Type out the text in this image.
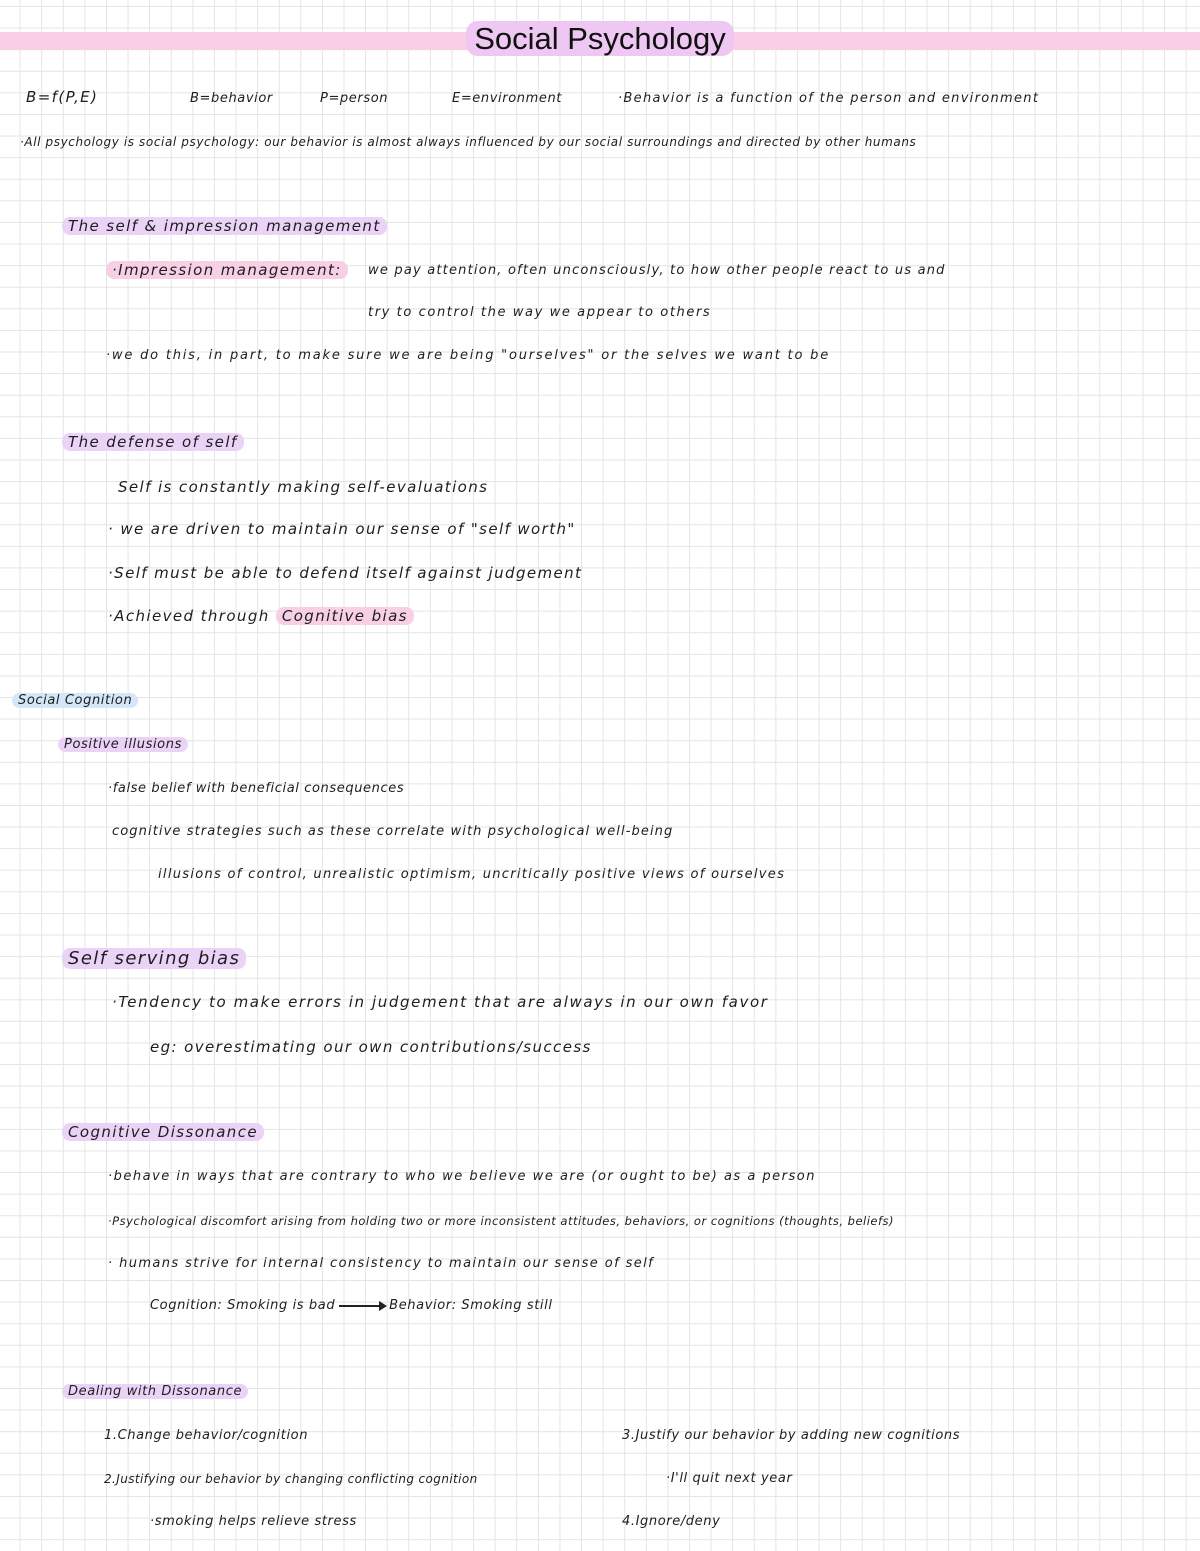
Social Psychology
B=f(P,E)	B=behavior	P=person	E=environment	·Behavior is a function of the person and environment
·All psychology is social psychology: our behavior is almost always influenced by our social surroundings and directed by other humans
The self & impression management
·Impression management:	we pay attention, often unconsciously, to how other people react to us and
try to control the way we appear to others
·we do this, in part, to make sure we are being "ourselves" or the selves we want to be
The defense of self
Self is constantly making self-evaluations
· we are driven to maintain our sense of "self worth"
·Self must be able to defend itself against judgement
·Achieved through Cognitive bias
Social Cognition
Positive illusions
·false belief with beneficial consequences
cognitive strategies such as these correlate with psychological well-being
illusions of control, unrealistic optimism, uncritically positive views of ourselves
Self serving bias
·Tendency to make errors in judgement that are always in our own favor
eg: overestimating our own contributions/success
Cognitive Dissonance
·behave in ways that are contrary to who we believe we are (or ought to be) as a person
·Psychological discomfort arising from holding two or more inconsistent attitudes, behaviors, or cognitions (thoughts, beliefs)
· humans strive for internal consistency to maintain our sense of self
Cognition: Smoking is bad	Behavior: Smoking still
Dealing with Dissonance
1.Change behavior/cognition
2.Justifying our behavior by changing conflicting cognition
·smoking helps relieve stress
3.Justify our behavior by adding new cognitions
·I'll quit next year
4.Ignore/deny
